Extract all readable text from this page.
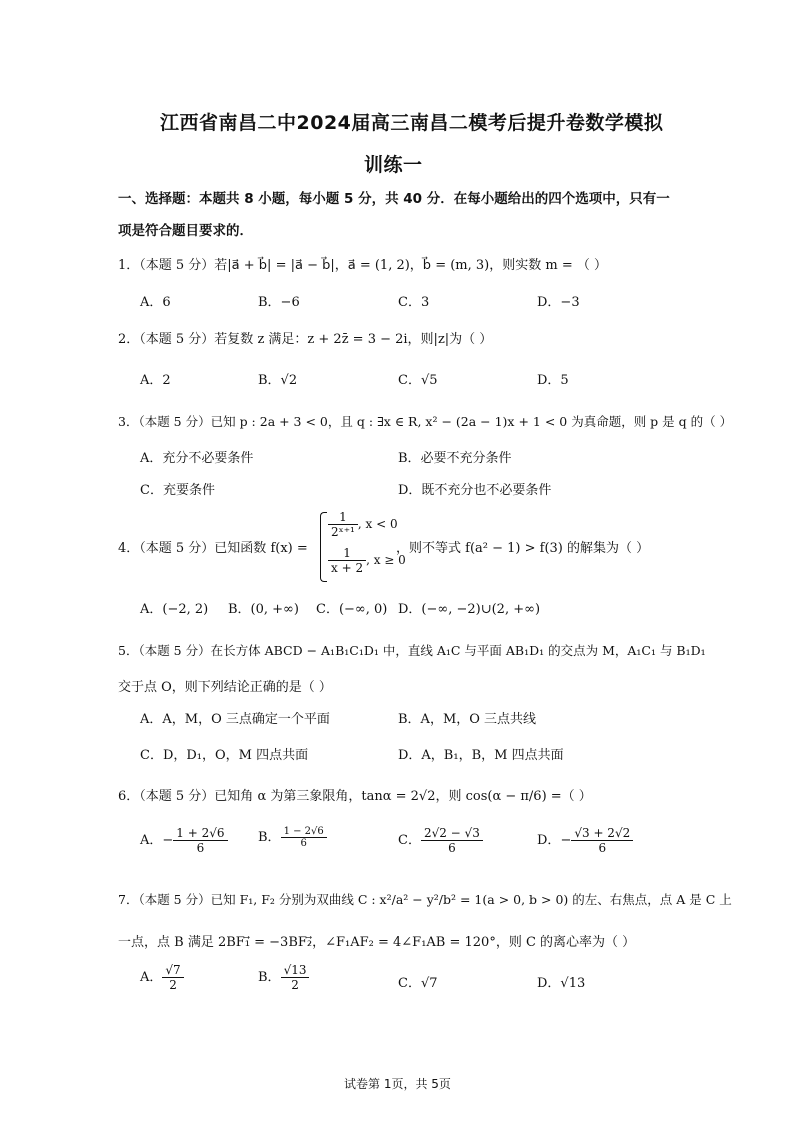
江西省南昌二中2024届高三南昌二模考后提升卷数学模拟
训练一
一、选择题：本题共 8 小题，每小题 5 分，共 40 分．在每小题给出的四个选项中，只有一
项是符合题目要求的．
1．（本题 5 分）若|a⃗ + b⃗| = |a⃗ − b⃗|，a⃗ = (1, 2)，b⃗ = (m, 3)，则实数 m = （ ）
A．6	B．−6	C．3	D．−3
2．（本题 5 分）若复数 z 满足：z + 2z̄ = 3 − 2i，则|z|为（ ）
A．2	B．√2	C．√5	D．5
3．（本题 5 分）已知 p : 2a + 3 < 0，且 q : ∃x ∈ R, x² − (2a − 1)x + 1 < 0 为真命题，则 p 是 q 的（ ）
A．充分不必要条件	B．必要不充分条件
C．充要条件	D．既不充分也不必要条件
4．（本题 5 分）已知函数 f(x) =
$\frac{1}{\text{2ˣ⁺¹}}$ , x < 0
$\frac{1}{x + 2}$ , x ≥ 0
，则不等式 f(a² − 1) > f(3) 的解集为（ ）
A．(−2, 2) B．(0, +∞) C．(−∞, 0) D．(−∞, −2)∪(2, +∞)
5．（本题 5 分）在长方体 ABCD − A₁B₁C₁D₁ 中，直线 A₁C 与平面 AB₁D₁ 的交点为 M，A₁C₁ 与 B₁D₁
交于点 O，则下列结论正确的是（ ）
A．A，M，O 三点确定一个平面	B．A，M，O 三点共线
C．D，D₁，O，M 四点共面	D．A，B₁，B，M 四点共面
6．（本题 5 分）已知角 α 为第三象限角，tanα = 2√2，则 cos(α − π/6) =（ ）
A．− $\frac{1 + 2√6}{6}$ B． $\frac{1 - 2√6}{6}$	C． $\frac{2√2 - √3}{6}$	D．− $\frac{√3 + 2√2}{6}$
7．（本题 5 分）已知 F₁, F₂ 分别为双曲线 C : x²/a² − y²/b² = 1(a > 0, b > 0) 的左、右焦点，点 A 是 C 上
一点，点 B 满足 2BF₁⃗ = −3BF₂⃗，∠F₁AF₂ = 4∠F₁AB = 120°，则 C 的离心率为（ ）
A． $\frac{√7}{2}$	B． $\frac{√13}{2}$	C．√7	D．√13
试卷第 1页，共 5页
